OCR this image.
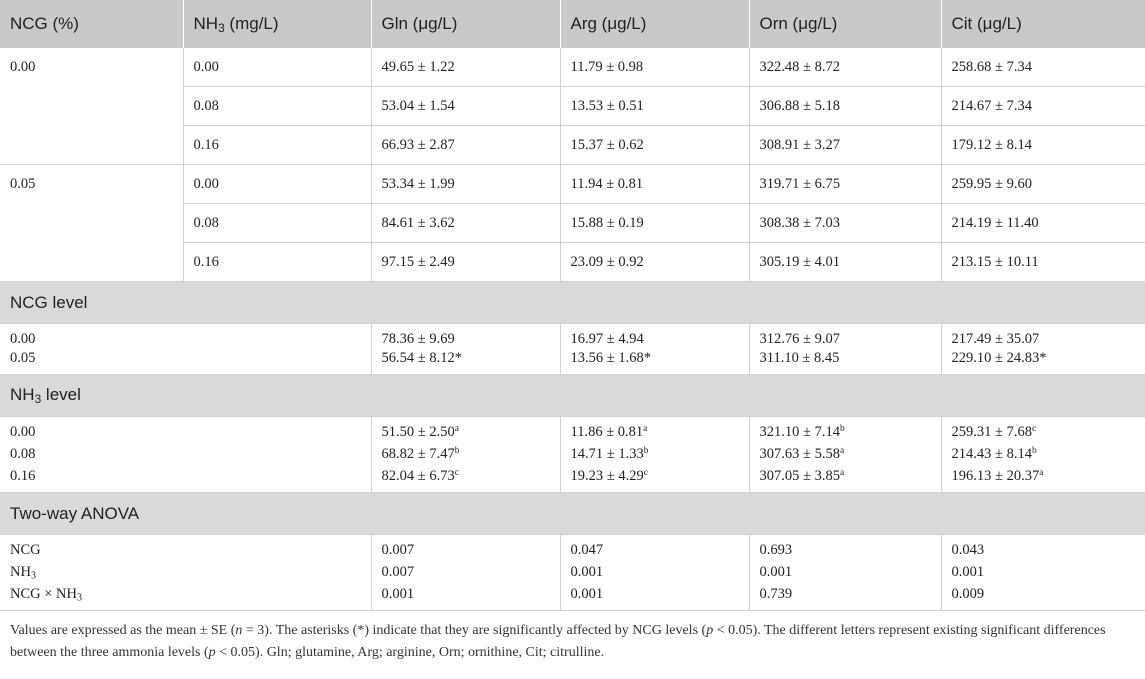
NCG (%)	$NH_3$ (mg/L)	Gln (μg/L)	Arg (μg/L)	Orn (μg/L)	Cit (μg/L)
0.00	0.00	49.65 ± 1.22	11.79 ± 0.98	322.48 ± 8.72	258.68 ± 7.34
	0.08	53.04 ± 1.54	13.53 ± 0.51	306.88 ± 5.18	214.67 ± 7.34
	0.16	66.93 ± 2.87	15.37 ± 0.62	308.91 ± 3.27	179.12 ± 8.14
0.05	0.00	53.34 ± 1.99	11.94 ± 0.81	319.71 ± 6.75	259.95 ± 9.60
	0.08	84.61 ± 3.62	15.88 ± 0.19	308.38 ± 7.03	214.19 ± 11.40
	0.16	97.15 ± 2.49	23.09 ± 0.92	305.19 ± 4.01	213.15 ± 10.11
NCG level					
0.00		78.36 ± 9.69	16.97 ± 4.94	312.76 ± 9.07	217.49 ± 35.07
0.05		56.54 ± 8.12*	13.56 ± 1.68*	311.10 ± 8.45	229.10 ± 24.83*
$NH_3$ level					
0.00		51.50 ± 2.50$^a$	11.86 ± 0.81$^a$	321.10 ± 7.14$^b$	259.31 ± 7.68$^c$
0.08		68.82 ± 7.47$^b$	14.71 ± 1.33$^b$	307.63 ± 5.58$^a$	214.43 ± 8.14$^b$
0.16		82.04 ± 6.73$^c$	19.23 ± 4.29$^c$	307.05 ± 3.85$^a$	196.13 ± 20.37$^a$
Two-way ANOVA					
NCG		0.007	0.047	0.693	0.043
$NH_3$		0.007	0.001	0.001	0.001
NCG × $NH_3$		0.001	0.001	0.739	0.009
Values are expressed as the mean ± SE (n = 3). The asterisks (*) indicate that they are significantly affected by NCG levels (p < 0.05). The different letters represent existing significant differences between the three ammonia levels (p < 0.05). Gln; glutamine, Arg; arginine, Orn; ornithine, Cit; citrulline.
